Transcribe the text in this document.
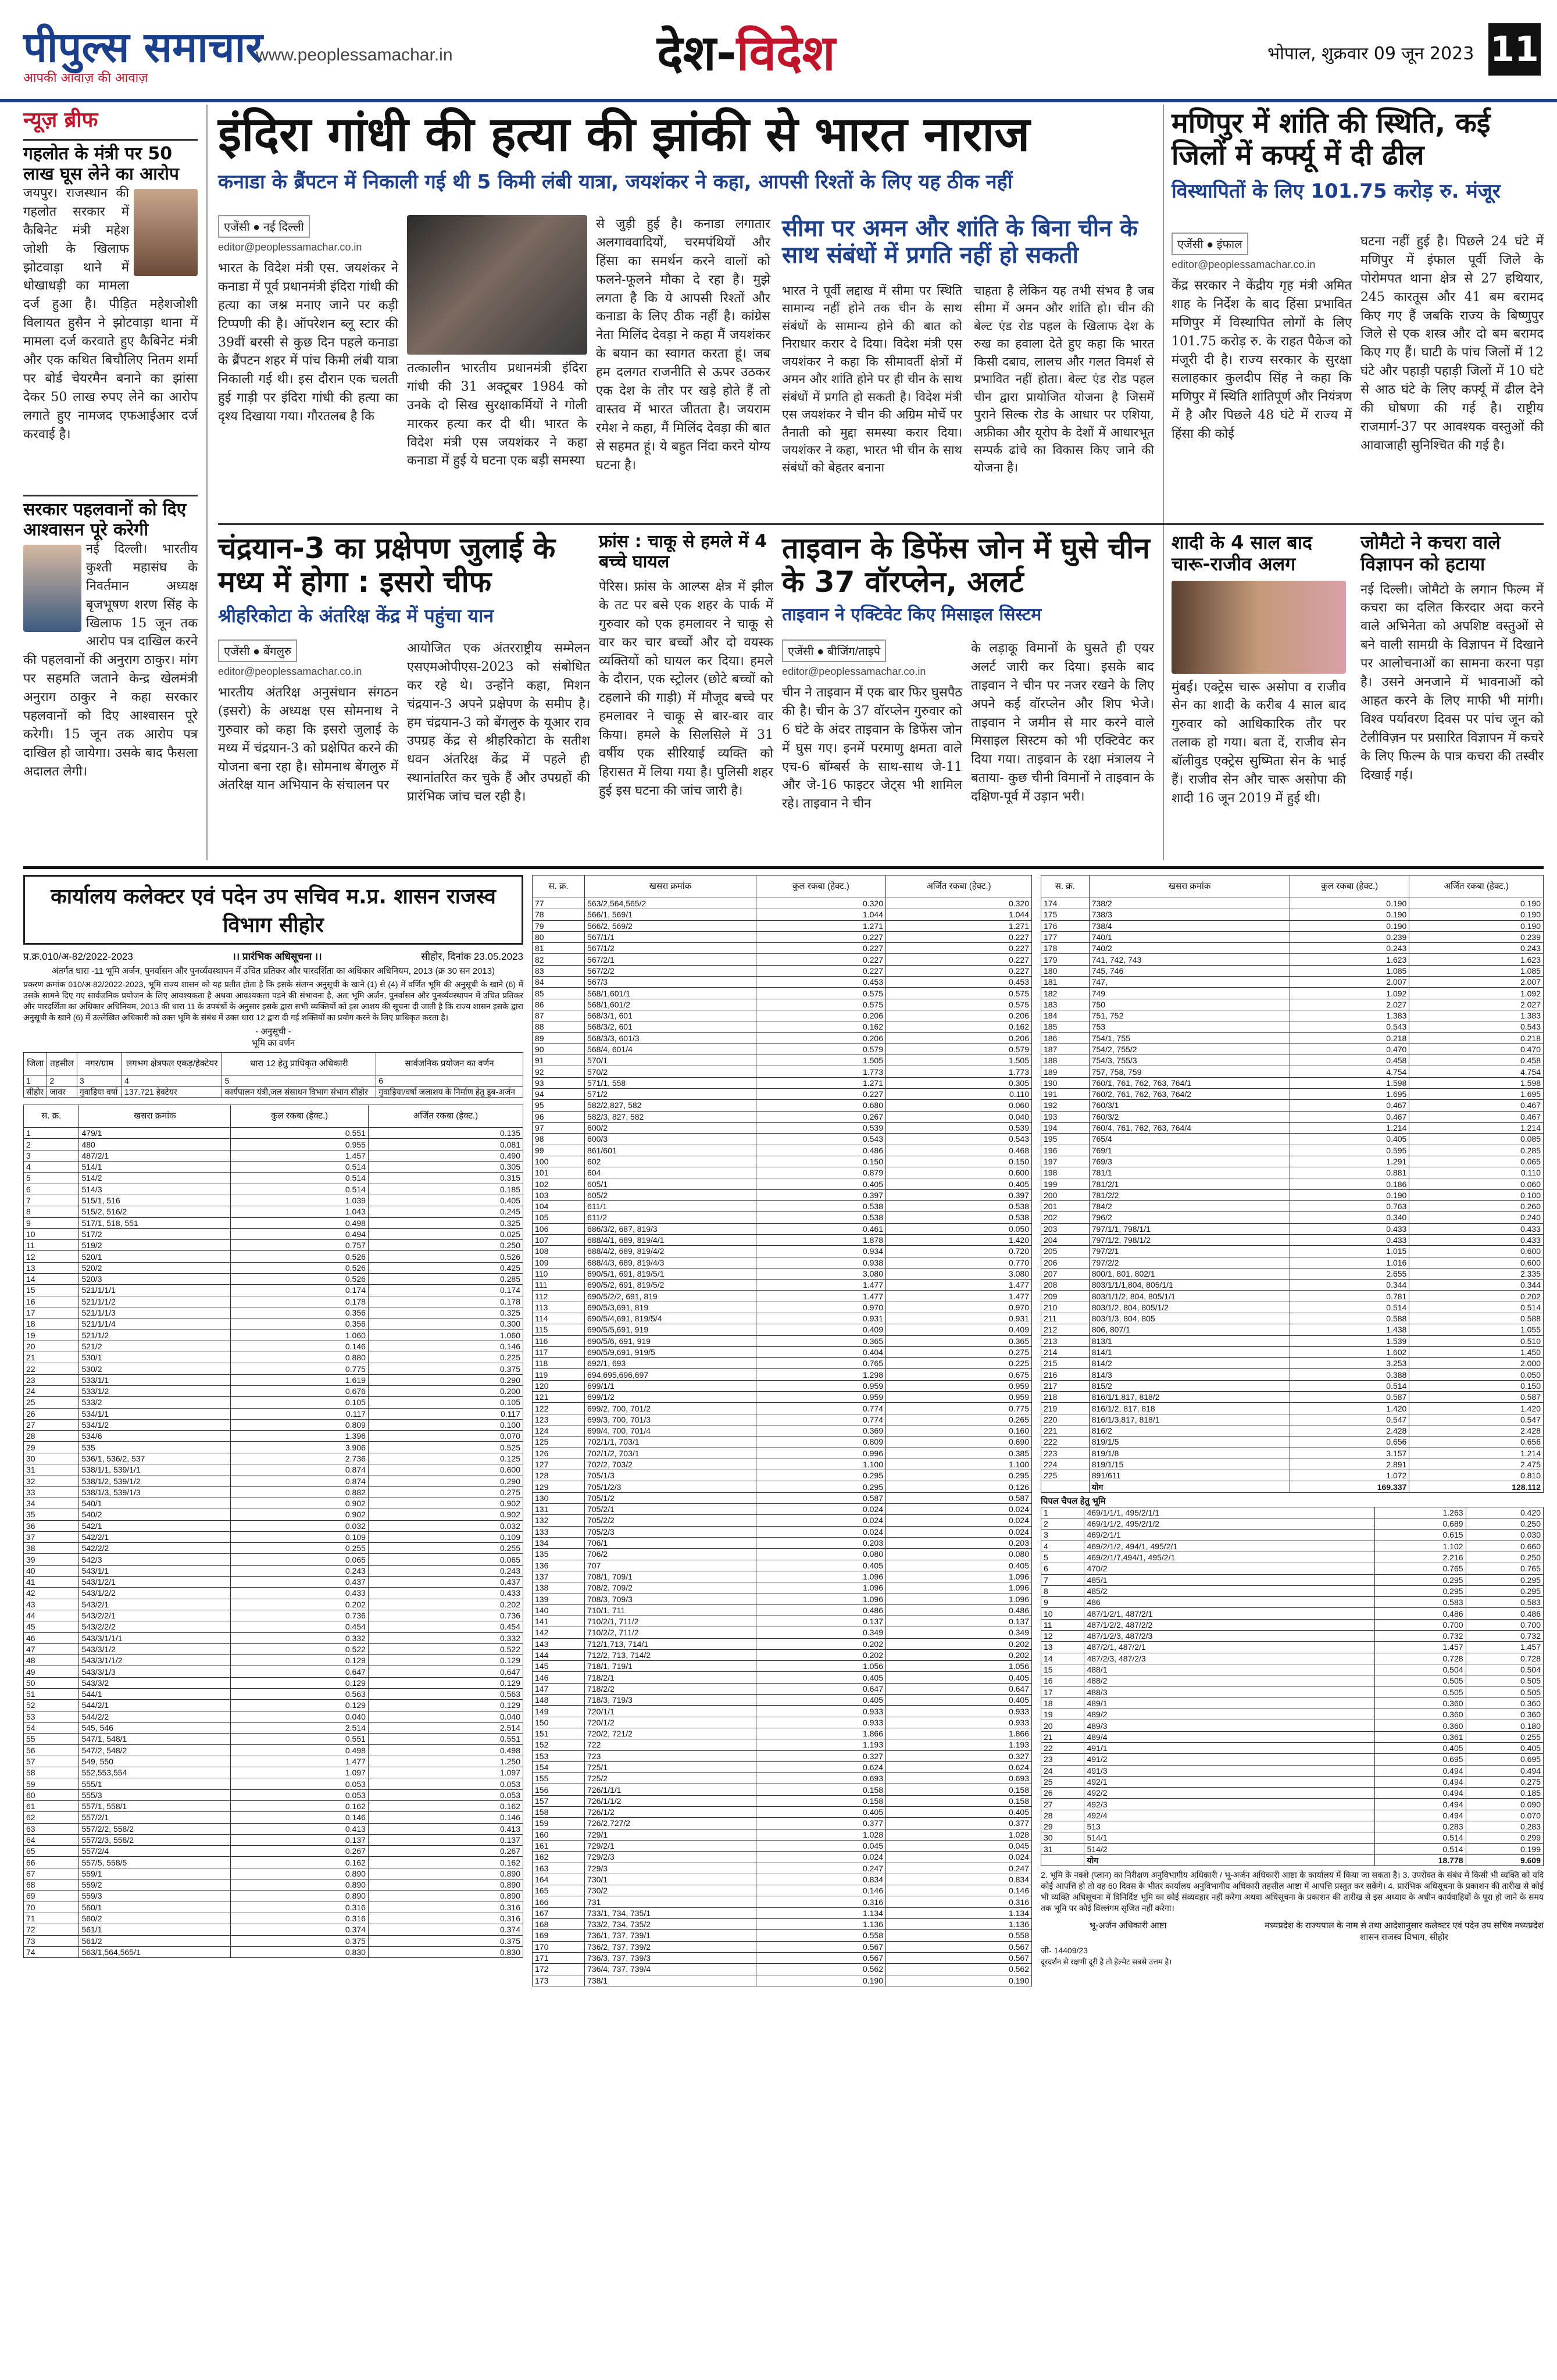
पीपुल्स समाचार
आपकी आवाज़ की आवाज़
www.peoplessamachar.in	देश-विदेश	भोपाल, शुक्रवार 09 जून 2023 11
न्यूज़ ब्रीफ
गहलोत के मंत्री पर 50 लाख घूस लेने का आरोप
जयपुर। राजस्थान की गहलोत सरकार में कैबिनेट मंत्री महेश जोशी के खिलाफ झोटवाड़ा थाने में धोखाधड़ी का मामला दर्ज हुआ है। पीड़ित महेशजोशी विलायत हुसैन ने झोटवाड़ा थाना में मामला दर्ज करवाते हुए कैबिनेट मंत्री और एक कथित बिचौलिए नितम शर्मा पर बोर्ड चेयरमैन बनाने का झांसा देकर 50 लाख रुपए लेने का आरोप लगाते हुए नामजद एफआईआर दर्ज करवाई है।
सरकार पहलवानों को दिए आश्वासन पूरे करेगी
नई दिल्ली। भारतीय कुश्ती महासंघ के निवर्तमान अध्यक्ष बृजभूषण शरण सिंह के खिलाफ 15 जून तक आरोप पत्र दाखिल करने की पहलवानों की अनुराग ठाकुर। मांग पर सहमति जताने केन्द्र खेलमंत्री अनुराग ठाकुर ने कहा सरकार पहलवानों को दिए आश्वासन पूरे करेगी। 15 जून तक आरोप पत्र दाखिल हो जायेगा। उसके बाद फैसला अदालत लेगी।
इंदिरा गांधी की हत्या की झांकी से भारत नाराज
कनाडा के ब्रैंपटन में निकाली गई थी 5 किमी लंबी यात्रा, जयशंकर ने कहा, आपसी रिश्तों के लिए यह ठीक नहीं
एजेंसी ● नई दिल्ली
editor@peoplessamachar.co.in
भारत के विदेश मंत्री एस. जयशंकर ने कनाडा में पूर्व प्रधानमंत्री इंदिरा गांधी की हत्या का जश्न मनाए जाने पर कड़ी टिप्पणी की है। ऑपरेशन ब्लू स्टार की 39वीं बरसी से कुछ दिन पहले कनाडा के ब्रैंपटन शहर में पांच किमी लंबी यात्रा निकाली गई थी। इस दौरान एक चलती हुई गाड़ी पर इंदिरा गांधी की हत्या का दृश्य दिखाया गया। गौरतलब है कि
तत्कालीन भारतीय प्रधानमंत्री इंदिरा गांधी की 31 अक्टूबर 1984 को उनके दो सिख सुरक्षाकर्मियों ने गोली मारकर हत्या कर दी थी। भारत के विदेश मंत्री एस जयशंकर ने कहा कनाडा में हुई ये घटना एक बड़ी समस्या
से जुड़ी हुई है। कनाडा लगातार अलगाववादियों, चरमपंथियों और हिंसा का समर्थन करने वालों को फलने-फूलने मौका दे रहा है। मुझे लगता है कि ये आपसी रिश्तों और कनाडा के लिए ठीक नहीं है। कांग्रेस नेता मिलिंद देवड़ा ने कहा मैं जयशंकर के बयान का स्वागत करता हूं। जब हम दलगत राजनीति से ऊपर उठकर एक देश के तौर पर खड़े होते हैं तो वास्तव में भारत जीतता है। जयराम रमेश ने कहा, मैं मिलिंद देवड़ा की बात से सहमत हूं। ये बहुत निंदा करने योग्य घटना है।
सीमा पर अमन और शांति के बिना चीन के साथ संबंधों में प्रगति नहीं हो सकती
भारत ने पूर्वी लद्दाख में सीमा पर स्थिति सामान्य नहीं होने तक चीन के साथ संबंधों के सामान्य होने की बात को निराधार करार दे दिया। विदेश मंत्री एस जयशंकर ने कहा कि सीमावर्ती क्षेत्रों में अमन और शांति होने पर ही चीन के साथ संबंधों में प्रगति हो सकती है। विदेश मंत्री एस जयशंकर ने चीन की अग्रिम मोर्चे पर तैनाती को मुद्दा समस्या करार दिया। जयशंकर ने कहा, भारत भी चीन के साथ संबंधों को बेहतर बनाना
चाहता है लेकिन यह तभी संभव है जब सीमा में अमन और शांति हो। चीन की बेल्ट एंड रोड पहल के खिलाफ देश के रुख का हवाला देते हुए कहा कि भारत किसी दबाव, लालच और गलत विमर्श से प्रभावित नहीं होता। बेल्ट एंड रोड पहल चीन द्वारा प्रायोजित योजना है जिसमें पुराने सिल्क रोड के आधार पर एशिया, अफ्रीका और यूरोप के देशों में आधारभूत सम्पर्क ढांचे का विकास किए जाने की योजना है।
मणिपुर में शांति की स्थिति, कई जिलों में कर्फ्यू में दी ढील
विस्थापितों के लिए 101.75 करोड़ रु. मंजूर
एजेंसी ● इंफाल
editor@peoplessamachar.co.in
केंद्र सरकार ने केंद्रीय गृह मंत्री अमित शाह के निर्देश के बाद हिंसा प्रभावित मणिपुर में विस्थापित लोगों के लिए 101.75 करोड़ रु. के राहत पैकेज को मंजूरी दी है। राज्य सरकार के सुरक्षा सलाहकार कुलदीप सिंह ने कहा कि मणिपुर में स्थिति शांतिपूर्ण और नियंत्रण में है और पिछले 48 घंटे में राज्य में हिंसा की कोई
घटना नहीं हुई है। पिछले 24 घंटे में मणिपुर में इंफाल पूर्वी जिले के पोरोमपत थाना क्षेत्र से 27 हथियार, 245 कारतूस और 41 बम बरामद किए गए हैं जबकि राज्य के बिष्णुपुर जिले से एक शस्त्र और दो बम बरामद किए गए हैं। घाटी के पांच जिलों में 12 घंटे और पहाड़ी पहाड़ी जिलों में 10 घंटे से आठ घंटे के लिए कर्फ्यू में ढील देने की घोषणा की गई है। राष्ट्रीय राजमार्ग-37 पर आवश्यक वस्तुओं की आवाजाही सुनिश्चित की गई है।
चंद्रयान-3 का प्रक्षेपण जुलाई के मध्य में होगा : इसरो चीफ
श्रीहरिकोटा के अंतरिक्ष केंद्र में पहुंचा यान
एजेंसी ● बेंगलुरु
editor@peoplessamachar.co.in
भारतीय अंतरिक्ष अनुसंधान संगठन (इसरो) के अध्यक्ष एस सोमनाथ ने गुरुवार को कहा कि इसरो जुलाई के मध्य में चंद्रयान-3 को प्रक्षेपित करने की योजना बना रहा है। सोमनाथ बेंगलुरु में अंतरिक्ष यान अभियान के संचालन पर
आयोजित एक अंतरराष्ट्रीय सम्मेलन एसएमओपीएस-2023 को संबोधित कर रहे थे। उन्होंने कहा, मिशन चंद्रयान-3 अपने प्रक्षेपण के समीप है। हम चंद्रयान-3 को बेंगलुरु के यूआर राव उपग्रह केंद्र से श्रीहरिकोटा के सतीश धवन अंतरिक्ष केंद्र में पहले ही स्थानांतरित कर चुके हैं और उपग्रहों की प्रारंभिक जांच चल रही है।
फ्रांस : चाकू से हमले में 4 बच्चे घायल
पेरिस। फ्रांस के आल्प्स क्षेत्र में झील के तट पर बसे एक शहर के पार्क में गुरुवार को एक हमलावर ने चाकू से वार कर चार बच्चों और दो वयस्क व्यक्तियों को घायल कर दिया। हमले के दौरान, एक स्ट्रोलर (छोटे बच्चों को टहलाने की गाड़ी) में मौजूद बच्चे पर हमलावर ने चाकू से बार-बार वार किया। हमले के सिलसिले में 31 वर्षीय एक सीरियाई व्यक्ति को हिरासत में लिया गया है। पुलिसी शहर हुई इस घटना की जांच जारी है।
ताइवान के डिफेंस जोन में घुसे चीन के 37 वॉरप्लेन, अलर्ट
ताइवान ने एक्टिवेट किए मिसाइल सिस्टम
एजेंसी ● बीजिंग/ताइपे
editor@peoplessamachar.co.in
चीन ने ताइवान में एक बार फिर घुसपैठ की है। चीन के 37 वॉरप्लेन गुरुवार को 6 घंटे के अंदर ताइवान के डिफेंस जोन में घुस गए। इनमें परमाणु क्षमता वाले एच-6 बॉम्बर्स के साथ-साथ जे-11 और जे-16 फाइटर जेट्स भी शामिल रहे। ताइवान ने चीन
के लड़ाकू विमानों के घुसते ही एयर अलर्ट जारी कर दिया। इसके बाद ताइवान ने चीन पर नजर रखने के लिए अपने कई वॉरप्लेन और शिप भेजे। ताइवान ने जमीन से मार करने वाले मिसाइल सिस्टम को भी एक्टिवेट कर दिया गया। ताइवान के रक्षा मंत्रालय ने बताया- कुछ चीनी विमानों ने ताइवान के दक्षिण-पूर्व में उड़ान भरी।
शादी के 4 साल बाद चारू-राजीव अलग
मुंबई। एक्ट्रेस चारू असोपा व राजीव सेन का शादी के करीब 4 साल बाद गुरुवार को आधिकारिक तौर पर तलाक हो गया। बता दें, राजीव सेन बॉलीवुड एक्ट्रेस सुष्मिता सेन के भाई हैं। राजीव सेन और चारू असोपा की शादी 16 जून 2019 में हुई थी।
जोमैटो ने कचरा वाले विज्ञापन को हटाया
नई दिल्ली। जोमैटो के लगान फिल्म में कचरा का दलित किरदार अदा करने वाले अभिनेता को अपशिष्ट वस्तुओं से बने वाली सामग्री के विज्ञापन में दिखाने पर आलोचनाओं का सामना करना पड़ा है। उसने अनजाने में भावनाओं को आहत करने के लिए माफी भी मांगी। विश्व पर्यावरण दिवस पर पांच जून को टेलीविज़न पर प्रसारित विज्ञापन में कचरे के लिए फिल्म के पात्र कचरा की तस्वीर दिखाई गई।
कार्यालय कलेक्टर एवं पदेन उप सचिव म.प्र. शासन राजस्व विभाग सीहोर
प्र.क्र.010/अ-82/2022-2023	।। प्रारंभिक अधिसूचना ।।	सीहोर, दिनांक 23.05.2023
अंतर्गत धारा -11 भूमि अर्जन, पुनर्वासन और पुनर्व्यवस्थापन में उचित प्रतिकर और पारदर्शिता का अधिकार अधिनियम, 2013 (क्र 30 सन 2013)
प्रकरण क्रमांक 010/अ-82/2022-2023, भूमि राज्य शासन को यह प्रतीत होता है कि इसके संलग्न अनुसूची के खाने (1) से (4) में वर्णित भूमि की अनुसूची के खाने (6) में उसके सामने दिए गए सार्वजनिक प्रयोजन के लिए आवश्यकता है अथवा आवश्यकता पड़ने की संभावना है, अतः भूमि अर्जन, पुनर्वासन और पुनर्व्यवस्थापन में उचित प्रतिकर और पारदर्शिता का अधिकार अधिनियम, 2013 की धारा 11 के उपबंधों के अनुसार इसके द्वारा सभी व्यक्तियों को इस आशय की सूचना दी जाती है कि राज्य शासन इसके द्वारा अनुसूची के खाने (6) में उल्लेखित अधिकारी को उक्त भूमि के संबंध में उक्त धारा 12 द्वारा दी गई शक्तियों का प्रयोग करने के लिए प्राधिकृत करता है।
- अनुसूची -
भूमि का वर्णन
जिला	तहसील	नगर/ग्राम	लगभग क्षेत्रफल एकड़/हेक्टेयर	धारा 12 हेतु प्राधिकृत अधिकारी	सार्वजनिक प्रयोजन का वर्णन
1	2	3	4	5	6
सीहोर	जावर	गुवाड़िया वर्षा	137.721 हेक्टेयर	कार्यपालन यंत्री,जल संसाधन विभाग संभाग सीहोर	गुवाड़िया/वर्षा जलाशय के निर्माण हेतु डूब-अर्जन
स. क्र.	खसरा क्रमांक	कुल रकबा (हेक्ट.)	अर्जित रकबा (हेक्ट.)
1	479/1	0.551	0.135
2	480	0.955	0.081
3	487/2/1	1.457	0.490
4	514/1	0.514	0.305
5	514/2	0.514	0.315
6	514/3	0.514	0.185
7	515/1, 516	1.039	0.405
8	515/2, 516/2	1.043	0.245
9	517/1, 518, 551	0.498	0.325
10	517/2	0.494	0.025
11	519/2	0.757	0.250
12	520/1	0.526	0.526
13	520/2	0.526	0.425
14	520/3	0.526	0.285
15	521/1/1/1	0.174	0.174
16	521/1/1/2	0.178	0.178
17	521/1/1/3	0.356	0.325
18	521/1/1/4	0.356	0.300
19	521/1/2	1.060	1.060
20	521/2	0.146	0.146
21	530/1	0.880	0.225
22	530/2	0.775	0.375
23	533/1/1	1.619	0.290
24	533/1/2	0.676	0.200
25	533/2	0.105	0.105
26	534/1/1	0.117	0.117
27	534/1/2	0.809	0.100
28	534/6	1.396	0.070
29	535	3.906	0.525
30	536/1, 536/2, 537	2.736	0.125
31	538/1/1, 539/1/1	0.874	0.600
32	538/1/2, 539/1/2	0.874	0.290
33	538/1/3, 539/1/3	0.882	0.275
34	540/1	0.902	0.902
35	540/2	0.902	0.902
36	542/1	0.032	0.032
37	542/2/1	0.109	0.109
38	542/2/2	0.255	0.255
39	542/3	0.065	0.065
40	543/1/1	0.243	0.243
41	543/1/2/1	0.437	0.437
42	543/1/2/2	0.433	0.433
43	543/2/1	0.202	0.202
44	543/2/2/1	0.736	0.736
45	543/2/2/2	0.454	0.454
46	543/3/1/1/1	0.332	0.332
47	543/3/1/2	0.522	0.522
48	543/3/1/1/2	0.129	0.129
49	543/3/1/3	0.647	0.647
50	543/3/2	0.129	0.129
51	544/1	0.563	0.563
52	544/2/1	0.129	0.129
53	544/2/2	0.040	0.040
54	545, 546	2.514	2.514
55	547/1, 548/1	0.551	0.551
56	547/2, 548/2	0.498	0.498
57	549, 550	1.477	1.250
58	552,553,554	1.097	1.097
59	555/1	0.053	0.053
60	555/3	0.053	0.053
61	557/1, 558/1	0.162	0.162
62	557/2/1	0.146	0.146
63	557/2/2, 558/2	0.413	0.413
64	557/2/3, 558/2	0.137	0.137
65	557/2/4	0.267	0.267
66	557/5, 558/5	0.162	0.162
67	559/1	0.890	0.890
68	559/2	0.890	0.890
69	559/3	0.890	0.890
70	560/1	0.316	0.316
71	560/2	0.316	0.316
72	561/1	0.374	0.374
73	561/2	0.375	0.375
74	563/1,564,565/1	0.830	0.830
स. क्र.	खसरा क्रमांक	कुल रकबा (हेक्ट.)	अर्जित रकबा (हेक्ट.)
77	563/2,564,565/2	0.320	0.320
78	566/1, 569/1	1.044	1.044
79	566/2, 569/2	1.271	1.271
80	567/1/1	0.227	0.227
81	567/1/2	0.227	0.227
82	567/2/1	0.227	0.227
83	567/2/2	0.227	0.227
84	567/3	0.453	0.453
85	568/1,601/1	0.575	0.575
86	568/1,601/2	0.575	0.575
87	568/3/1, 601	0.206	0.206
88	568/3/2, 601	0.162	0.162
89	568/3/3, 601/3	0.206	0.206
90	568/4, 601/4	0.579	0.579
91	570/1	1.505	1.505
92	570/2	1.773	1.773
93	571/1, 558	1.271	0.305
94	571/2	0.227	0.110
95	582/2,827, 582	0.680	0.060
96	582/3, 827, 582	0.267	0.040
97	600/2	0.539	0.539
98	600/3	0.543	0.543
99	861/601	0.486	0.468
100	602	0.150	0.150
101	604	0.879	0.600
102	605/1	0.405	0.405
103	605/2	0.397	0.397
104	611/1	0.538	0.538
105	611/2	0.538	0.538
106	686/3/2, 687, 819/3	0.461	0.050
107	688/4/1, 689, 819/4/1	1.878	1.420
108	688/4/2, 689, 819/4/2	0.934	0.720
109	688/4/3, 689, 819/4/3	0.938	0.770
110	690/5/1, 691, 819/5/1	3.080	3.080
111	690/5/2, 691, 819/5/2	1.477	1.477
112	690/5/2/2, 691, 819	1.477	1.477
113	690/5/3,691, 819	0.970	0.970
114	690/5/4,691, 819/5/4	0.931	0.931
115	690/5/5,691, 919	0.409	0.409
116	690/5/6, 691, 919	0.365	0.365
117	690/5/9,691, 919/5	0.404	0.275
118	692/1, 693	0.765	0.225
119	694,695,696,697	1.298	0.675
120	699/1/1	0.959	0.959
121	699/1/2	0.959	0.959
122	699/2, 700, 701/2	0.774	0.775
123	699/3, 700, 701/3	0.774	0.265
124	699/4, 700, 701/4	0.369	0.160
125	702/1/1, 703/1	0.809	0.690
126	702/1/2, 703/1	0.996	0.385
127	702/2, 703/2	1.100	1.100
128	705/1/3	0.295	0.295
129	705/1/2/3	0.295	0.126
130	705/1/2	0.587	0.587
131	705/2/1	0.024	0.024
132	705/2/2	0.024	0.024
133	705/2/3	0.024	0.024
134	706/1	0.203	0.203
135	706/2	0.080	0.080
136	707	0.405	0.405
137	708/1, 709/1	1.096	1.096
138	708/2, 709/2	1.096	1.096
139	708/3, 709/3	1.096	1.096
140	710/1, 711	0.486	0.486
141	710/2/1, 711/2	0.137	0.137
142	710/2/2, 711/2	0.349	0.349
143	712/1,713, 714/1	0.202	0.202
144	712/2, 713, 714/2	0.202	0.202
145	718/1, 719/1	1.056	1.056
146	718/2/1	0.405	0.405
147	718/2/2	0.647	0.647
148	718/3, 719/3	0.405	0.405
149	720/1/1	0.933	0.933
150	720/1/2	0.933	0.933
151	720/2, 721/2	1.866	1.866
152	722	1.193	1.193
153	723	0.327	0.327
154	725/1	0.624	0.624
155	725/2	0.693	0.693
156	726/1/1/1	0.158	0.158
157	726/1/1/2	0.158	0.158
158	726/1/2	0.405	0.405
159	726/2,727/2	0.377	0.377
160	729/1	1.028	1.028
161	729/2/1	0.045	0.045
162	729/2/3	0.024	0.024
163	729/3	0.247	0.247
164	730/1	0.834	0.834
165	730/2	0.146	0.146
166	731	0.316	0.316
167	733/1, 734, 735/1	1.134	1.134
168	733/2, 734, 735/2	1.136	1.136
169	736/1, 737, 739/1	0.558	0.558
170	736/2, 737, 739/2	0.567	0.567
171	736/3, 737, 739/3	0.567	0.567
172	736/4, 737, 739/4	0.562	0.562
173	738/1	0.190	0.190
स. क्र.	खसरा क्रमांक	कुल रकबा (हेक्ट.)	अर्जित रकबा (हेक्ट.)
174	738/2	0.190	0.190
175	738/3	0.190	0.190
176	738/4	0.190	0.190
177	740/1	0.239	0.239
178	740/2	0.243	0.243
179	741, 742, 743	1.623	1.623
180	745, 746	1.085	1.085
181	747,	2.007	2.007
182	749	1.092	1.092
183	750	2.027	2.027
184	751, 752	1.383	1.383
185	753	0.543	0.543
186	754/1, 755	0.218	0.218
187	754/2, 755/2	0.470	0.470
188	754/3, 755/3	0.458	0.458
189	757, 758, 759	4.754	4.754
190	760/1, 761, 762, 763, 764/1	1.598	1.598
191	760/2, 761, 762, 763, 764/2	1.695	1.695
192	760/3/1	0.467	0.467
193	760/3/2	0.467	0.467
194	760/4, 761, 762, 763, 764/4	1.214	1.214
195	765/4	0.405	0.085
196	769/1	0.595	0.285
197	769/3	1.291	0.065
198	781/1	0.881	0.110
199	781/2/1	0.186	0.060
200	781/2/2	0.190	0.100
201	784/2	0.763	0.260
202	796/2	0.340	0.240
203	797/1/1, 798/1/1	0.433	0.433
204	797/1/2, 798/1/2	0.433	0.433
205	797/2/1	1.015	0.600
206	797/2/2	1.016	0.600
207	800/1, 801, 802/1	2.655	2.335
208	803/1/1/1,804, 805/1/1	0.344	0.344
209	803/1/1/2, 804, 805/1/1	0.781	0.202
210	803/1/2, 804, 805/1/2	0.514	0.514
211	803/1/3, 804, 805	0.588	0.588
212	806, 807/1	1.438	1.055
213	813/1	1.539	0.510
214	814/1	1.602	1.450
215	814/2	3.253	2.000
216	814/3	0.388	0.050
217	815/2	0.514	0.150
218	816/1/1,817, 818/2	0.587	0.587
219	816/1/2, 817, 818	1.420	1.420
220	816/1/3,817, 818/1	0.547	0.547
221	816/2	2.428	2.428
222	819/1/5	0.656	0.656
223	819/1/8	3.157	1.214
224	819/1/15	2.891	2.475
225	891/611	1.072	0.810
	योग	169.337	128.112
पिपल चैपल हेतु भूमि
1	469/1/1/1, 495/2/1/1	1.263	0.420
2	469/1/1/2, 495/2/1/2	0.689	0.250
3	469/2/1/1	0.615	0.030
4	469/2/1/2, 494/1, 495/2/1	1.102	0.660
5	469/2/1/7,494/1, 495/2/1	2.216	0.250
6	470/2	0.765	0.765
7	485/1	0.295	0.295
8	485/2	0.295	0.295
9	486	0.583	0.583
10	487/1/2/1, 487/2/1	0.486	0.486
11	487/1/2/2, 487/2/2	0.700	0.700
12	487/1/2/3, 487/2/3	0.732	0.732
13	487/2/1, 487/2/1	1.457	1.457
14	487/2/3, 487/2/3	0.728	0.728
15	488/1	0.504	0.504
16	488/2	0.505	0.505
17	488/3	0.505	0.505
18	489/1	0.360	0.360
19	489/2	0.360	0.360
20	489/3	0.360	0.180
21	489/4	0.361	0.255
22	491/1	0.405	0.405
23	491/2	0.695	0.695
24	491/3	0.494	0.494
25	492/1	0.494	0.275
26	492/2	0.494	0.185
27	492/3	0.494	0.090
28	492/4	0.494	0.070
29	513	0.283	0.283
30	514/1	0.514	0.299
31	514/2	0.514	0.199
	योग	18.778	9.609
2. भूमि के नक्शे (प्लान) का निरीक्षण अनुविभागीय अधिकारी / भू-अर्जन अधिकारी आष्टा के कार्यालय में किया जा सकता है। 3. उपरोक्त के संबंध में किसी भी व्यक्ति को यदि कोई आपत्ति हो तो वह 60 दिवस के भीतर कार्यालय अनुविभागीय अधिकारी तहसील आष्टा में आपत्ति प्रस्तुत कर सकेंगे। 4. प्रारंभिक अधिसूचना के प्रकाशन की तारीख से कोई भी व्यक्ति अधिसूचना में विनिर्दिष्ट भूमि का कोई संव्यवहार नहीं करेगा अथवा अधिसूचना के प्रकाशन की तारीख से इस अध्याय के अधीन कार्यवाहियों के पूरा हो जाने के समय तक भूमि पर कोई विल्लंगम सृजित नहीं करेगा।
भू-अर्जन अधिकारी आष्टा	मध्यप्रदेश के राज्यपाल के नाम से तथा आदेशानुसार कलेक्टर एवं पदेन उप सचिव मध्यप्रदेश शासन राजस्व विभाग, सीहोर
जी- 14409/23
दूरदर्शन से रक्षणी दूरी है तो हेल्मेट सबसे उत्तम है।
